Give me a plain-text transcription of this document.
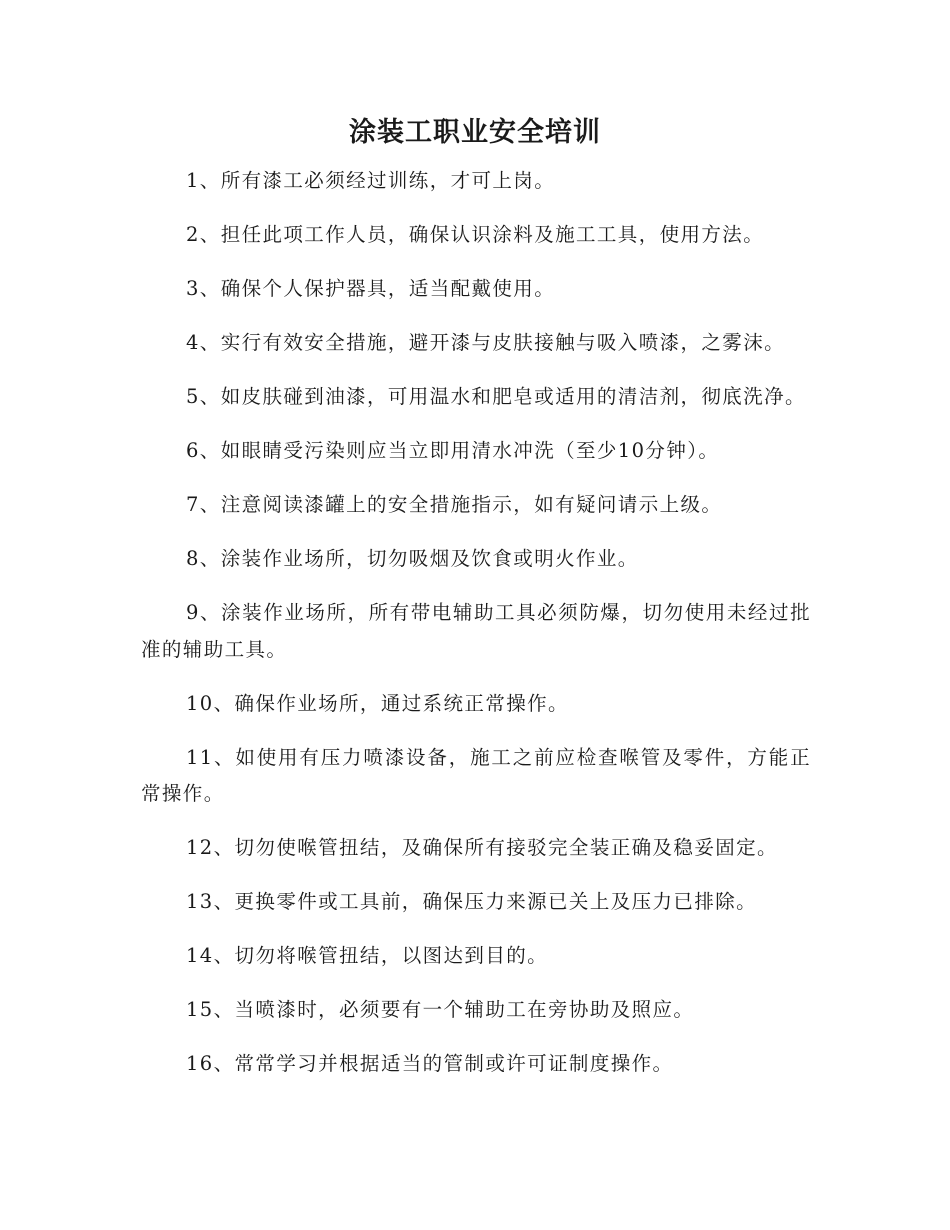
涂装工职业安全培训

1、所有漆工必须经过训练，才可上岗。

2、担任此项工作人员，确保认识涂料及施工工具，使用方法。

3、确保个人保护器具，适当配戴使用。

4、实行有效安全措施，避开漆与皮肤接触与吸入喷漆，之雾沫。

5、如皮肤碰到油漆，可用温水和肥皂或适用的清洁剂，彻底洗净。

6、如眼睛受污染则应当立即用清水冲洗（至少10分钟）。

7、注意阅读漆罐上的安全措施指示，如有疑问请示上级。

8、涂装作业场所，切勿吸烟及饮食或明火作业。

9、涂装作业场所，所有带电辅助工具必须防爆，切勿使用未经过批准的辅助工具。

10、确保作业场所，通过系统正常操作。

11、如使用有压力喷漆设备，施工之前应检查喉管及零件，方能正常操作。

12、切勿使喉管扭结，及确保所有接驳完全装正确及稳妥固定。

13、更换零件或工具前，确保压力来源已关上及压力已排除。

14、切勿将喉管扭结，以图达到目的。

15、当喷漆时，必须要有一个辅助工在旁协助及照应。

16、常常学习并根据适当的管制或许可证制度操作。
